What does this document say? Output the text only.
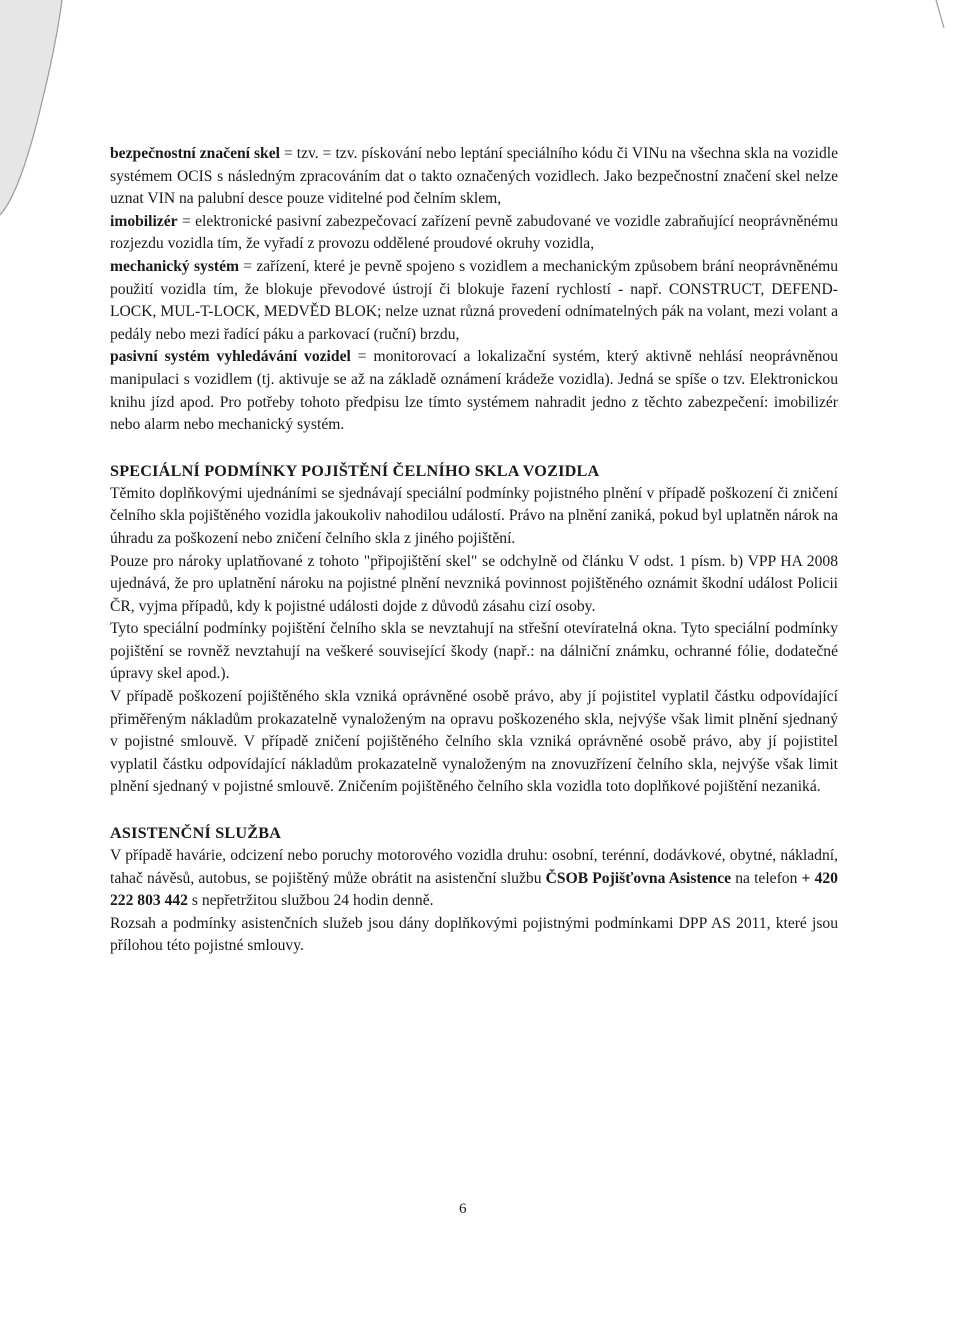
bezpečnostní značení skel = tzv. = tzv. pískování nebo leptání speciálního kódu či VINu na všechna skla na vozidle systémem OCIS s následným zpracováním dat o takto označených vozidlech. Jako bezpečnostní značení skel nelze uznat VIN na palubní desce pouze viditelné pod čelním sklem,

imobilizér = elektronické pasivní zabezpečovací zařízení pevně zabudované ve vozidle zabraňující neoprávněnému rozjezdu vozidla tím, že vyřadí z provozu oddělené proudové okruhy vozidla,

mechanický systém = zařízení, které je pevně spojeno s vozidlem a mechanickým způsobem brání neoprávněnému použití vozidla tím, že blokuje převodové ústrojí či blokuje řazení rychlostí - např. CONSTRUCT, DEFEND-LOCK, MUL-T-LOCK, MEDVĚD BLOK; nelze uznat různá provedení odnímatelných pák na volant, mezi volant a pedály nebo mezi řadící páku a parkovací (ruční) brzdu,

pasivní systém vyhledávání vozidel = monitorovací a lokalizační systém, který aktivně nehlásí neoprávněnou manipulaci s vozidlem (tj. aktivuje se až na základě oznámení krádeže vozidla). Jedná se spíše o tzv. Elektronickou knihu jízd apod. Pro potřeby tohoto předpisu lze tímto systémem nahradit jedno z těchto zabezpečení: imobilizér nebo alarm nebo mechanický systém.

SPECIÁLNÍ PODMÍNKY POJIŠTĚNÍ ČELNÍHO SKLA VOZIDLA

Těmito doplňkovými ujednáními se sjednávají speciální podmínky pojistného plnění v případě poškození či zničení čelního skla pojištěného vozidla jakoukoliv nahodilou událostí. Právo na plnění zaniká, pokud byl uplatněn nárok na úhradu za poškození nebo zničení čelního skla z jiného pojištění.

Pouze pro nároky uplatňované z tohoto "připojištění skel" se odchylně od článku V odst. 1 písm. b) VPP HA 2008 ujednává, že pro uplatnění nároku na pojistné plnění nevzniká povinnost pojištěného oznámit škodní událost Policii ČR, vyjma případů, kdy k pojistné události dojde z důvodů zásahu cizí osoby.

Tyto speciální podmínky pojištění čelního skla se nevztahují na střešní otevíratelná okna. Tyto speciální podmínky pojištění se rovněž nevztahují na veškeré související škody (např.: na dálniční známku, ochranné fólie, dodatečné úpravy skel apod.).

V případě poškození pojištěného skla vzniká oprávněné osobě právo, aby jí pojistitel vyplatil částku odpovídající přiměřeným nákladům prokazatelně vynaloženým na opravu poškozeného skla, nejvýše však limit plnění sjednaný v pojistné smlouvě. V případě zničení pojištěného čelního skla vzniká oprávněné osobě právo, aby jí pojistitel vyplatil částku odpovídající nákladům prokazatelně vynaloženým na znovuzřízení čelního skla, nejvýše však limit plnění sjednaný v pojistné smlouvě. Zničením pojištěného čelního skla vozidla toto doplňkové pojištění nezaniká.

ASISTENČNÍ SLUŽBA

V případě havárie, odcizení nebo poruchy motorového vozidla druhu: osobní, terénní, dodávkové, obytné, nákladní, tahač návěsů, autobus, se pojištěný může obrátit na asistenční službu ČSOB Pojišťovna Asistence na telefon + 420 222 803 442 s nepřetržitou službou 24 hodin denně.

Rozsah a podmínky asistenčních služeb jsou dány doplňkovými pojistnými podmínkami DPP AS 2011, které jsou přílohou této pojistné smlouvy.

6
